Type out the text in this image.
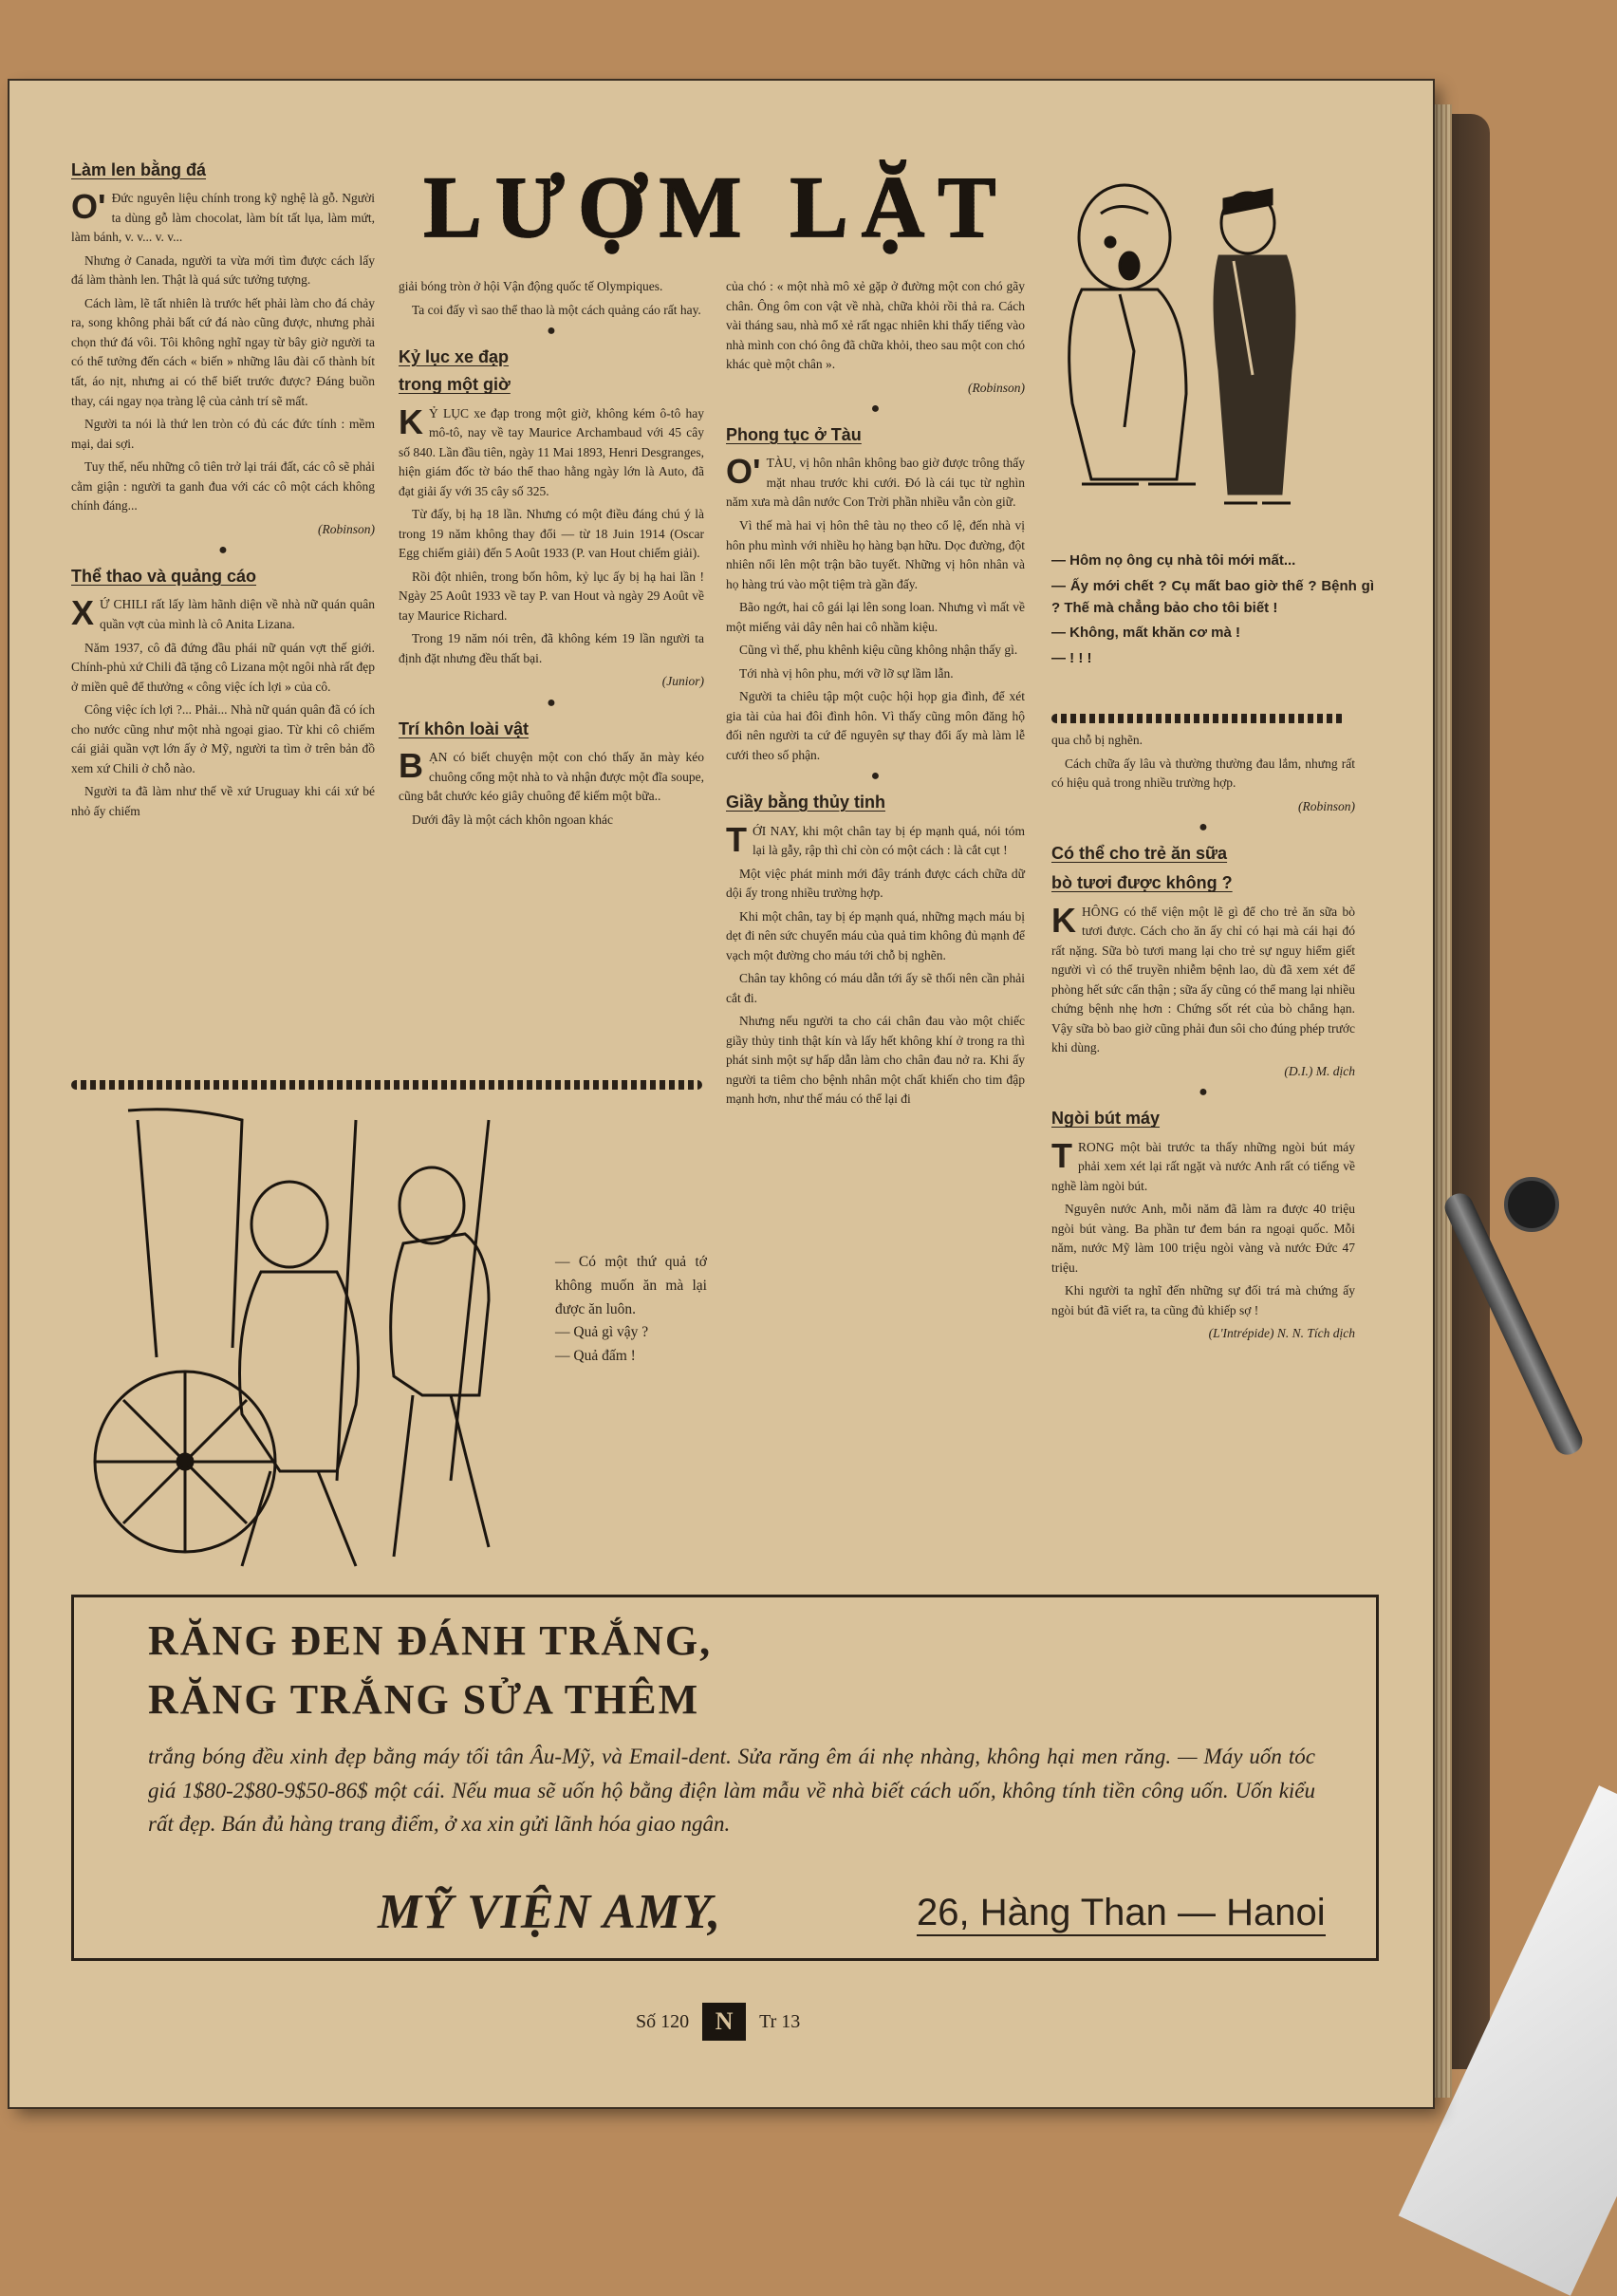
LƯỢM LẶT
Làm len bằng đá

O' Đức nguyên liệu chính trong kỹ nghệ là gỗ. Người ta dùng gỗ làm chocolat, làm bít tất lụa, làm mứt, làm bánh, v. v... v. v...

Nhưng ở Canada, người ta vừa mới tìm được cách lấy đá làm thành len. Thật là quá sức tưởng tượng.

Cách làm, lẽ tất nhiên là trước hết phải làm cho đá chảy ra, song không phải bất cứ đá nào cũng được, nhưng phải chọn thứ đá vôi. Tôi không nghĩ ngay từ bây giờ người ta có thể tưởng đến cách « biến » những lâu đài cổ thành bít tất, áo nịt, nhưng ai có thể biết trước được? Đáng buồn thay, cái ngay nọa tràng lệ của cảnh trí sẽ mất.

Người ta nói là thứ len tròn có đủ các đức tính : mềm mại, dai sợi.

Tuy thế, nếu những cô tiên trở lại trái đất, các cô sẽ phải cằm giận : người ta ganh đua với các cô một cách không chính đáng...

(Robinson)
●
Thể thao và quảng cáo

X Ứ CHILI rất lấy làm hãnh diện về nhà nữ quán quân quần vợt của mình là cô Anita Lizana.

Năm 1937, cô đã đứng đầu phái nữ quán vợt thế giới. Chính-phủ xứ Chili đã tặng cô Lizana một ngôi nhà rất đẹp ở miền quê để thưởng « công việc ích lợi » của cô.

Công việc ích lợi ?... Phải... Nhà nữ quán quân đã có ích cho nước cũng như một nhà ngoại giao. Từ khi cô chiếm cái giải quần vợt lớn ấy ở Mỹ, người ta tìm ở trên bản đồ xem xứ Chili ở chỗ nào.

Người ta đã làm như thế về xứ Uruguay khi cái xứ bé nhỏ ấy chiếm

giải bóng tròn ở hội Vận động quốc tế Olympiques.

Ta coi đấy vì sao thể thao là một cách quảng cáo rất hay.

●
Kỷ lục xe đạp
trong một giờ

K Ỷ LỤC xe đạp trong một giờ, không kém ô-tô hay mô-tô, nay về tay Maurice Archambaud với 45 cây số 840. Lần đầu tiên, ngày 11 Mai 1893, Henri Desgranges, hiện giám đốc tờ báo thể thao hằng ngày lớn là Auto, đã đạt giải ấy với 35 cây số 325.

Từ đấy, bị hạ 18 lần. Nhưng có một điều đáng chú ý là trong 19 năm không thay đổi — từ 18 Juin 1914 (Oscar Egg chiếm giải) đến 5 Août 1933 (P. van Hout chiếm giải).

Rồi đột nhiên, trong bốn hôm, kỷ lục ấy bị hạ hai lần ! Ngày 25 Août 1933 về tay P. van Hout và ngày 29 Août về tay Maurice Richard.

Trong 19 năm nói trên, đã không kém 19 lần người ta định đặt nhưng đều thất bại.

(Junior)
●
Trí khôn loài vật

BẠN có biết chuyện một con chó thấy ăn mày kéo chuông cổng một nhà to và nhận được một đĩa soupe, cũng bắt chước kéo giây chuông để kiếm một bữa..

Dưới đây là một cách khôn ngoan khác

của chó : « một nhà mô xẻ gặp ở đường một con chó gãy chân. Ông ôm con vật về nhà, chữa khỏi rồi thả ra. Cách vài tháng sau, nhà mổ xẻ rất ngạc nhiên khi thấy tiếng vào nhà mình con chó ông đã chữa khỏi, theo sau một con chó khác què một chân ».

(Robinson)
●
Phong tục ở Tàu

O' TÀU, vị hôn nhân không bao giờ được trông thấy mặt nhau trước khi cưới. Đó là cái tục từ nghìn năm xưa mà dân nước Con Trời phần nhiều vẫn còn giữ.

Vì thế mà hai vị hôn thê tàu nọ theo cổ lệ, đến nhà vị hôn phu mình với nhiều họ hàng bạn hữu. Dọc đường, đột nhiên nổi lên một trận bão tuyết. Những vị hôn nhân và họ hàng trú vào một tiệm trà gần đấy.

Bão ngớt, hai cô gái lại lên song loan. Nhưng vì mất về một miếng vải dây nên hai cô nhầm kiệu.

Cũng vì thế, phu khênh kiệu cũng không nhận thấy gì.

Tới nhà vị hôn phu, mới vỡ lỡ sự lầm lẫn.

Người ta chiêu tập một cuộc hội họp gia đình, để xét gia tài của hai đôi đình hôn. Vì thấy cũng môn đăng hộ đối nên người ta cứ để nguyên sự thay đổi ấy mà làm lễ cưới theo số phận.

●
Giầy bằng thủy tinh

TỚI NAY, khi một chân tay bị ép mạnh quá, nói tóm lại là gẫy, rập thì chỉ còn có một cách : là cắt cụt !

Một việc phát minh mới đây tránh được cách chữa dữ dội ấy trong nhiều trường hợp.

Khi một chân, tay bị ép mạnh quá, những mạch máu bị dẹt đi nên sức chuyển máu của quả tim không đủ mạnh để vạch một đường cho máu tới chỗ bị nghẽn.

Chân tay không có máu dẫn tới ấy sẽ thối nên cần phải cắt đi.

Nhưng nếu người ta cho cái chân đau vào một chiếc giầy thủy tinh thật kín và lấy hết không khí ở trong ra thì phát sinh một sự hấp dẫn làm cho chân đau nở ra. Khi ấy người ta tiêm cho bệnh nhân một chất khiến cho tim đập mạnh hơn, như thế máu có thể lại đi

— Hôm nọ ông cụ nhà tôi mới mất...

— Ấy mới chết ? Cụ mất bao giờ thế ? Bệnh gì ? Thế mà chẳng bảo cho tôi biết !

— Không, mất khăn cơ mà !

— ! ! !

qua chỗ bị nghẽn.

Cách chữa ấy lâu và thường thường đau lắm, nhưng rất có hiệu quả trong nhiều trường hợp.

(Robinson)
●
Có thể cho trẻ ăn sữa
bò tươi được không ?

KHÔNG có thể viện một lẽ gì để cho trẻ ăn sữa bò tươi được. Cách cho ăn ấy chỉ có hại mà cái hại đó rất nặng. Sữa bò tươi mang lại cho trẻ sự nguy hiểm giết người vì có thể truyền nhiễm bệnh lao, dù đã xem xét để phòng hết sức cẩn thận ; sữa ấy cũng có thể mang lại nhiều chứng bệnh nhẹ hơn : Chứng sốt rét của bò chẳng hạn. Vậy sữa bò bao giờ cũng phải đun sôi cho đúng phép trước khi dùng.

(D.I.) M. dịch
●
Ngòi bút máy

TRONG một bài trước ta thấy những ngòi bút máy phải xem xét lại rất ngặt và nước Anh rất có tiếng về nghề làm ngòi bút.

Nguyên nước Anh, mỗi năm đã làm ra được 40 triệu ngòi bút vàng. Ba phần tư đem bán ra ngoại quốc. Mỗi năm, nước Mỹ làm 100 triệu ngòi vàng và nước Đức 47 triệu.

Khi người ta nghĩ đến những sự đối trá mà chứng ấy ngòi bút đã viết ra, ta cũng đủ khiếp sợ !

(L'Intrépide) N. N. Tích dịch
— Có một thứ quả tớ không muốn ăn mà lại được ăn luôn.
— Quả gì vậy ?
— Quả đấm !
RĂNG ĐEN ĐÁNH TRẮNG,
RĂNG TRẮNG SỬA THÊM
trắng bóng đều xinh đẹp bằng máy tối tân Âu-Mỹ, và Email-dent. Sửa răng êm ái nhẹ nhàng, không hại men răng. — Máy uốn tóc giá 1$80-2$80-9$50-86$ một cái. Nếu mua sẽ uốn hộ bằng điện làm mẫu về nhà biết cách uốn, không tính tiền công uốn. Uốn kiểu rất đẹp. Bán đủ hàng trang điểm, ở xa xin gửi lãnh hóa giao ngân.
MỸ VIỆN AMY,	26, Hàng Than — Hanoi
Số 120	N	Tr 13
